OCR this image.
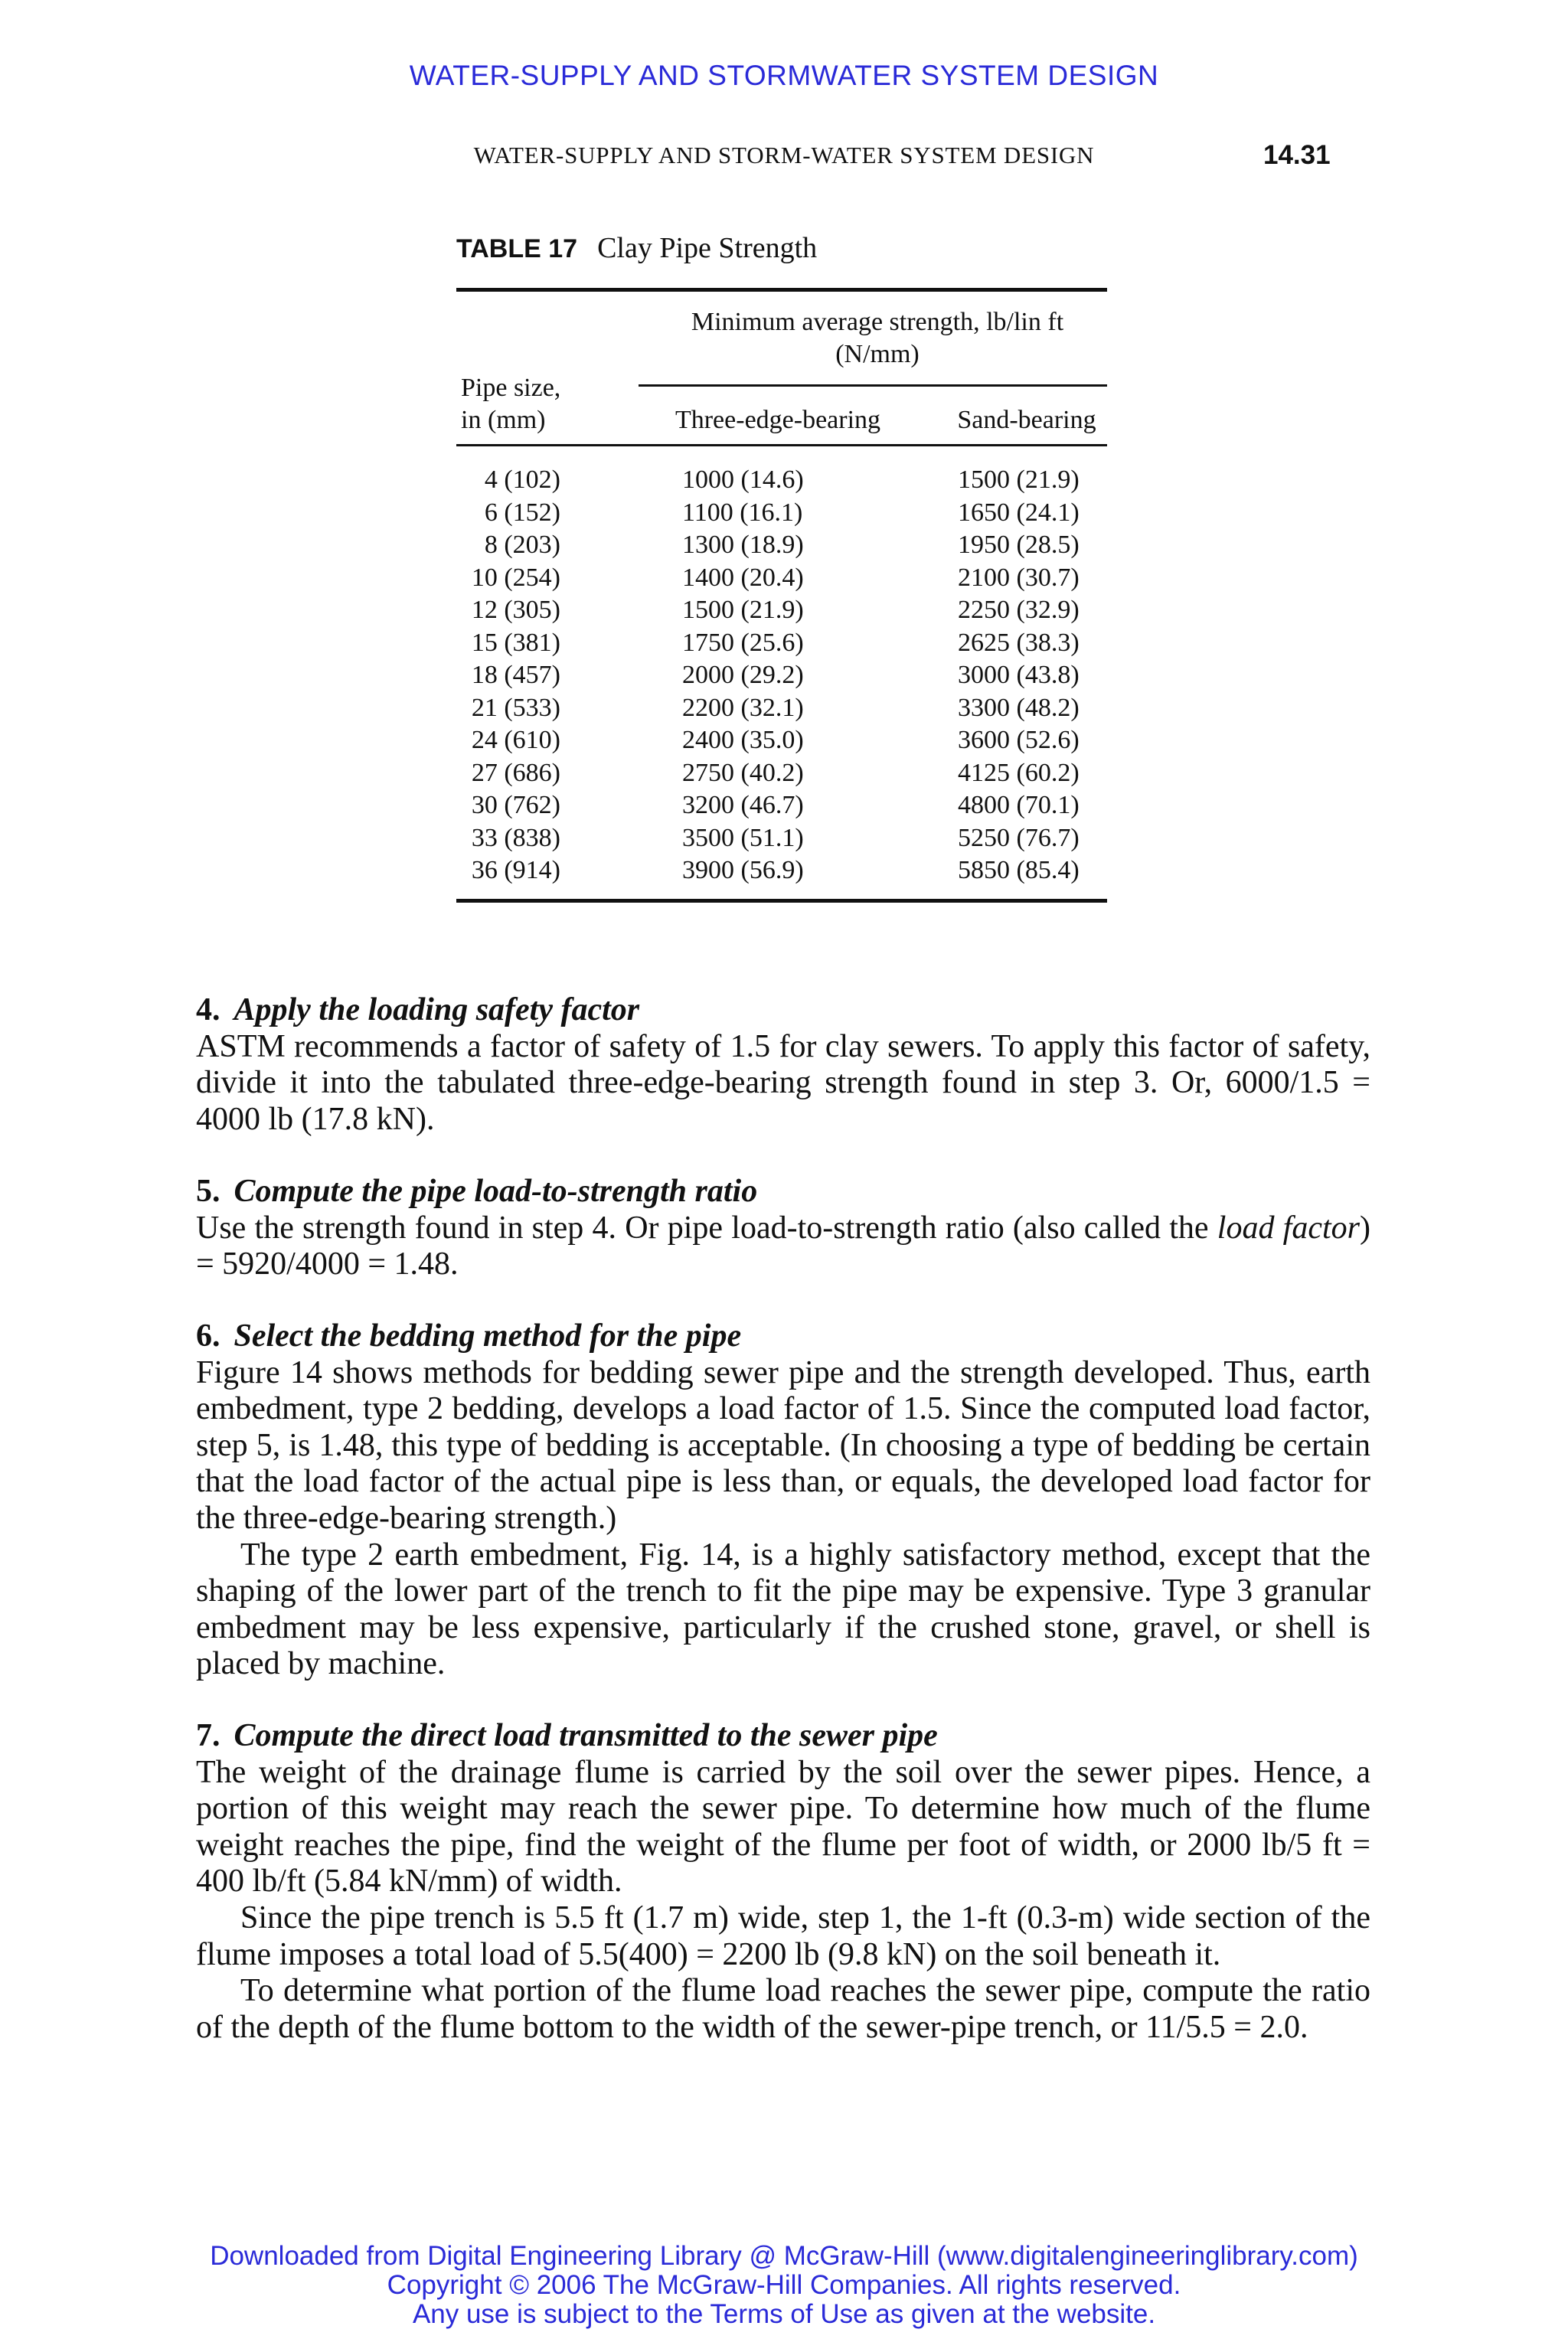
WATER-SUPPLY AND STORMWATER SYSTEM DESIGN
WATER-SUPPLY AND STORM-WATER SYSTEM DESIGN	14.31
TABLE 17 Clay Pipe Strength
Minimum average strength, lb/lin ft
(N/mm)
Pipe size,
in (mm)	Three-edge-bearing	Sand-bearing
4 (102)	1000 (14.6)	1500 (21.9)
6 (152)	1100 (16.1)	1650 (24.1)
8 (203)	1300 (18.9)	1950 (28.5)
10 (254)	1400 (20.4)	2100 (30.7)
12 (305)	1500 (21.9)	2250 (32.9)
15 (381)	1750 (25.6)	2625 (38.3)
18 (457)	2000 (29.2)	3000 (43.8)
21 (533)	2200 (32.1)	3300 (48.2)
24 (610)	2400 (35.0)	3600 (52.6)
27 (686)	2750 (40.2)	4125 (60.2)
30 (762)	3200 (46.7)	4800 (70.1)
33 (838)	3500 (51.1)	5250 (76.7)
36 (914)	3900 (56.9)	5850 (85.4)
4. Apply the loading safety factor

ASTM recommends a factor of safety of 1.5 for clay sewers. To apply this factor of safety, divide it into the tabulated three-edge-bearing strength found in step 3. Or, 6000/1.5 = 4000 lb (17.8 kN).

5. Compute the pipe load-to-strength ratio

Use the strength found in step 4. Or pipe load-to-strength ratio (also called the load factor) = 5920/4000 = 1.48.

6. Select the bedding method for the pipe

Figure 14 shows methods for bedding sewer pipe and the strength developed. Thus, earth embedment, type 2 bedding, develops a load factor of 1.5. Since the computed load factor, step 5, is 1.48, this type of bedding is acceptable. (In choosing a type of bedding be certain that the load factor of the actual pipe is less than, or equals, the developed load factor for the three-edge-bearing strength.)

The type 2 earth embedment, Fig. 14, is a highly satisfactory method, except that the shaping of the lower part of the trench to fit the pipe may be expensive. Type 3 granular embedment may be less expensive, particularly if the crushed stone, gravel, or shell is placed by machine.

7. Compute the direct load transmitted to the sewer pipe

The weight of the drainage flume is carried by the soil over the sewer pipes. Hence, a portion of this weight may reach the sewer pipe. To determine how much of the flume weight reaches the pipe, find the weight of the flume per foot of width, or 2000 lb/5 ft = 400 lb/ft (5.84 kN/mm) of width.

Since the pipe trench is 5.5 ft (1.7 m) wide, step 1, the 1-ft (0.3-m) wide section of the flume imposes a total load of 5.5(400) = 2200 lb (9.8 kN) on the soil beneath it.

To determine what portion of the flume load reaches the sewer pipe, compute the ratio of the depth of the flume bottom to the width of the sewer-pipe trench, or 11/5.5 = 2.0.

Downloaded from Digital Engineering Library @ McGraw-Hill (www.digitalengineeringlibrary.com)
Copyright © 2006 The McGraw-Hill Companies. All rights reserved.
Any use is subject to the Terms of Use as given at the website.
